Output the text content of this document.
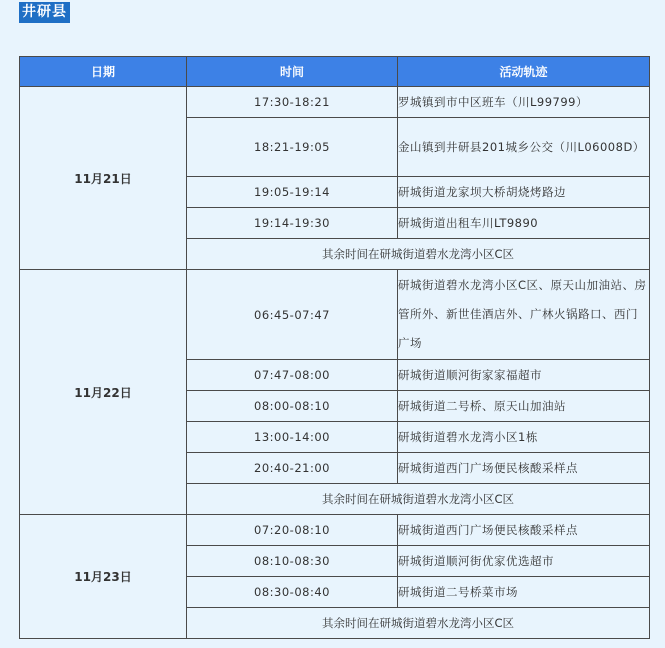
井研县
日期	时间	活动轨迹
11月21日	17:30-18:21	罗城镇到市中区班车（川L99799）
	18:21-19:05	金山镇到井研县201城乡公交（川L06008D）
	19:05-19:14	研城街道龙家坝大桥胡烧烤路边
	19:14-19:30	研城街道出租车川LT9890
	其余时间在研城街道碧水龙湾小区C区	
11月22日	06:45-07:47	研城街道碧水龙湾小区C区、原天山加油站、房管所外、新世佳酒店外、广林火锅路口、西门广场
	07:47-08:00	研城街道顺河街家家福超市
	08:00-08:10	研城街道二号桥、原天山加油站
	13:00-14:00	研城街道碧水龙湾小区1栋
	20:40-21:00	研城街道西门广场便民核酸采样点
	其余时间在研城街道碧水龙湾小区C区	
11月23日	07:20-08:10	研城街道西门广场便民核酸采样点
	08:10-08:30	研城街道顺河街优家优选超市
	08:30-08:40	研城街道二号桥菜市场
	其余时间在研城街道碧水龙湾小区C区	
